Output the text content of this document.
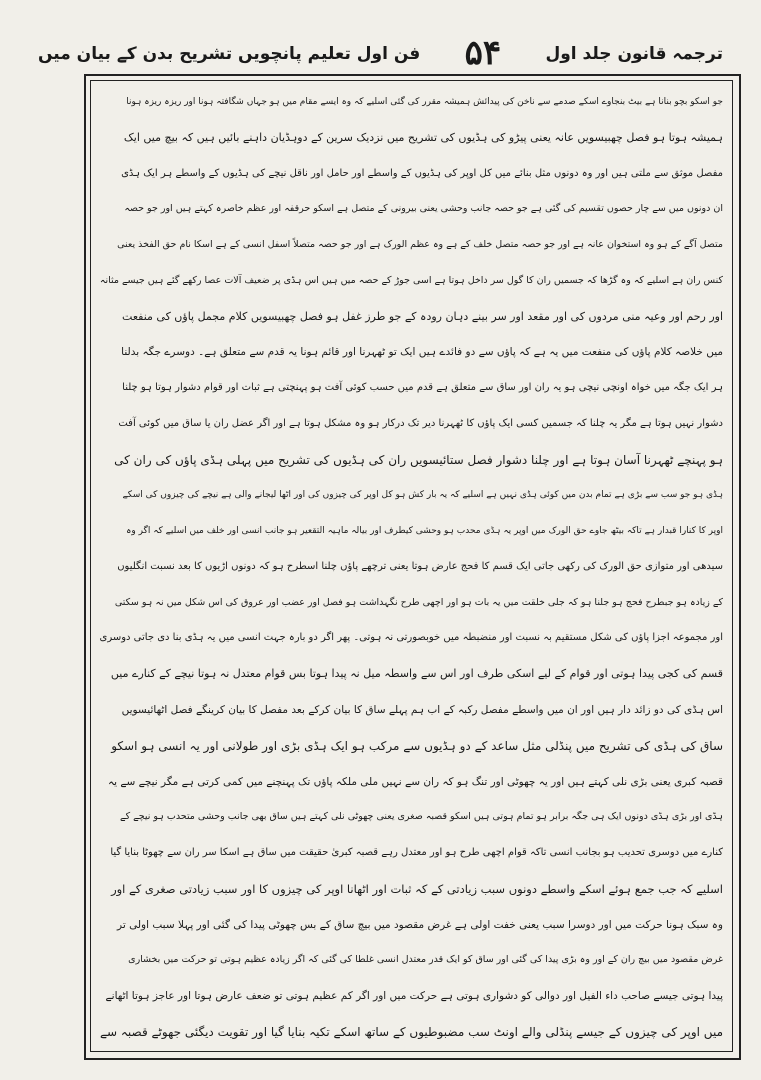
ترجمہ قانون جلد اول
۵۴
فن اول تعلیم پانچویں تشریح بدن کے بیان میں
جو اسکو بچو بنانا ہے بیٹ بنجاوے اسکے صدمے سے ناخن کی پیدائش ہمیشہ مقرر کی گئی اسلیے کہ وہ ایسے مقام میں ہو جہاں شگافتہ ہونا اور ریزہ ریزہ ہونا
ہمیشہ ہوتا ہو فصل چھبیسویں عانہ یعنی پیڑو کی ہڈیوں کی تشریح میں نزدیک سرین کے دوہڈیان داہنے بائیں ہیں کہ بیچ میں ایک
مفصل موثق سے ملتی ہیں اور وہ دونوں مثل بنائے میں کل اوپر کی ہڈیوں کے واسطے اور حامل اور ناقل نیچے کی ہڈیوں کے واسطے ہر ایک ہڈی
ان دونوں میں سے چار حصوں تقسیم کی گئی ہے جو حصہ جانب وحشی یعنی بیرونی کے متصل ہے اسکو حرقفہ اور عظم خاصرہ کہتے ہیں اور جو حصہ
متصل آگے کے ہو وہ استخوان عانہ ہے اور جو حصہ متصل خلف کے ہے وہ عظم الورک ہے اور جو حصہ متصلاً اسفل انسی کے ہے اسکا نام حق الفخذ یعنی
کنس ران ہے اسلیے کہ وہ گڑھا کہ جسمیں ران کا گول سر داخل ہوتا ہے اسی جوڑ کے حصہ میں ہیں اس ہڈی پر ضعیف آلات عصا رکھے گئے ہیں جیسے مثانہ
اور رحم اور وعیہ منی مردوں کی اور مقعد اور سر بینے دہان رودہ کے جو طرز غفل ہو فصل چھبیسویں کلام مجمل پاؤں کی منفعت
میں خلاصہ کلام پاؤں کی منفعت میں یہ ہے کہ پاؤں سے دو فائدے ہیں ایک تو ٹھہرنا اور قائم ہونا یہ قدم سے متعلق ہے۔ دوسرے جگہ بدلنا
ہر ایک جگہ میں خواہ اونچی نیچی ہو یہ ران اور ساق سے متعلق ہے قدم میں حسب کوئی آفت ہو پہنچتی ہے ثبات اور قوام دشوار ہوتا ہو چلنا
دشوار نہیں ہوتا ہے مگر یہ چلنا کہ جسمیں کسی ایک پاؤں کا ٹھہرنا دیر تک درکار ہو وہ مشکل ہوتا ہے اور اگر عضل ران یا ساق میں کوئی آفت
ہو پہنچے ٹھہرنا آسان ہوتا ہے اور چلنا دشوار فصل ستائیسویں ران کی ہڈیوں کی تشریح میں پہلی ہڈی پاؤں کی ران کی
ہڈی ہو جو سب سے بڑی ہے تمام بدن میں کوئی ہڈی نہیں ہے اسلیے کہ یہ بار کش ہو کل اوپر کی چیزوں کی اور اٹھا لیجانے والی ہے نیچے کی چیزوں کی اسکے
اوپر کا کنارا قبدار ہے تاکہ بیٹھ جاوے حق الورک میں اوپر یہ ہڈی محدب ہو وحشی کیطرف اور بیالہ ماہیہ التقعیر ہو جانب انسی اور خلف میں اسلیے کہ اگر وہ
سیدھی اور متوازی حق الورک کی رکھی جاتی ایک قسم کا فحج عارض ہوتا یعنی ترچھے پاؤں چلنا اسطرح ہو کہ دونوں اڑیوں کا بعد نسبت انگلیوں
کے زیادہ ہو جبطرح فحج ہو جلنا ہو کہ جلی خلقت میں یہ بات ہو اور اچھی طرح نگہداشت ہو فصل اور عضب اور عروق کی اس شکل میں نہ ہو سکتی
اور مجموعہ اجزا پاؤں کی شکل مستقیم بہ نسبت اور منضبطہ میں خوبصورتی نہ ہوتی۔ پھر اگر دو بارہ جہت انسی میں یہ ہڈی بنا دی جاتی دوسری
قسم کی کجی پیدا ہوتی اور قوام کے لیے اسکی طرف اور اس سے واسطہ میل نہ پیدا ہوتا بس قوام معتدل نہ ہوتا نیچے کے کنارے میں
اس ہڈی کی دو زائد دار ہیں اور ان میں واسطے مفصل رکبہ کے اب ہم پہلے ساق کا بیان کرکے بعد مفصل کا بیان کرینگے فصل اٹھائیسویں
ساق کی ہڈی کی تشریح میں پنڈلی مثل ساعد کے دو ہڈیوں سے مرکب ہو ایک ہڈی بڑی اور طولانی اور یہ انسی ہو اسکو
قصبہ کبری یعنی بڑی نلی کہتے ہیں اور یہ چھوٹی اور تنگ ہو کہ ران سے نہیں ملی ملکہ پاؤں تک پہنچنے میں کمی کرتی ہے مگر نیچے سے یہ
ہڈی اور بڑی ہڈی دونوں ایک ہی جگہ برابر ہو تمام ہوتی ہیں اسکو قصبہ صغری یعنی چھوٹی نلی کہتے ہیں ساق بھی جانب وحشی متحدب ہو نیچے کے
کنارے میں دوسری تحدیب ہو بجانب انسی تاکہ قوام اچھی طرح ہو اور معتدل رہے قصبہ کبریٰ حقیقت میں ساق ہے اسکا سر ران سے چھوٹا بنایا گیا
اسلیے کہ جب جمع ہوئے اسکے واسطے دونوں سبب زیادتی کے کہ ثبات اور اٹھانا اوپر کی چیزوں کا اور سبب زیادتی صغری کے اور
وہ سبک ہونا حرکت میں اور دوسرا سبب یعنی خفت اولی ہے غرض مقصود میں بیچ ساق کے بس چھوٹی پیدا کی گئی اور پہلا سبب اولی تر
غرض مقصود میں بیچ ران کے اور وہ بڑی پیدا کی گئی اور ساق کو ایک قدر معتدل انسی غلطا کی گئی کہ اگر زیادہ عظیم ہوتی تو حرکت میں بخشاری
پیدا ہوتی جیسے صاحب داء الفیل اور دوالی کو دشواری ہوتی ہے حرکت میں اور اگر کم عظیم ہوتی تو ضعف عارض ہوتا اور عاجز ہوتا اٹھانے
میں اوپر کی چیزوں کے جیسے پنڈلی والے اونٹ سب مضبوطیوں کے ساتھ اسکے تکیہ بنایا گیا اور تقویت دیگئی جھوٹے قصبہ سے
